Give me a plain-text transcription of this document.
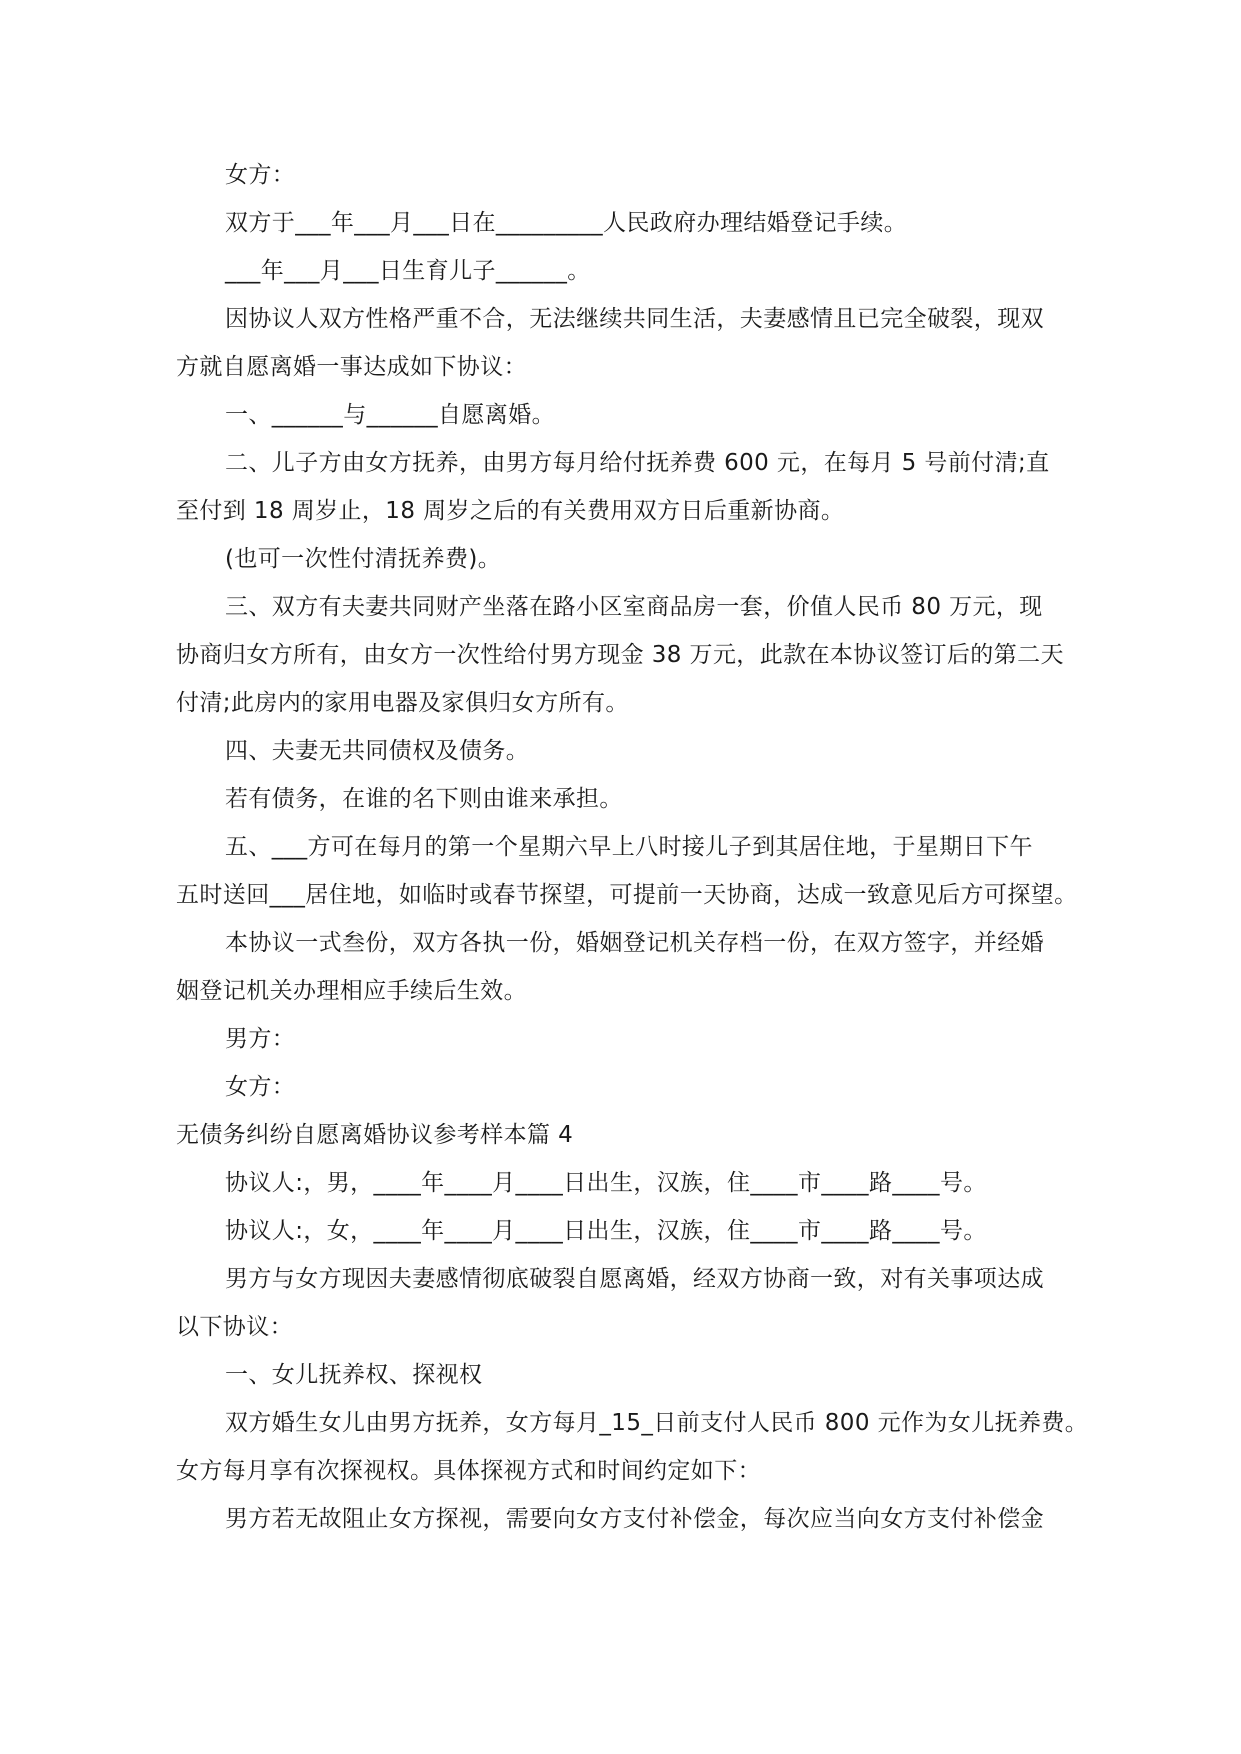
女方：

双方于___年___月___日在_________人民政府办理结婚登记手续。

___年___月___日生育儿子______。

因协议人双方性格严重不合，无法继续共同生活，夫妻感情且已完全破裂，现双

方就自愿离婚一事达成如下协议：

一、______与______自愿离婚。

二、儿子方由女方抚养，由男方每月给付抚养费 600 元，在每月 5 号前付清;直

至付到 18 周岁止，18 周岁之后的有关费用双方日后重新协商。

(也可一次性付清抚养费)。

三、双方有夫妻共同财产坐落在路小区室商品房一套，价值人民币 80 万元，现

协商归女方所有，由女方一次性给付男方现金 38 万元，此款在本协议签订后的第二天

付清;此房内的家用电器及家俱归女方所有。

四、夫妻无共同债权及债务。

若有债务，在谁的名下则由谁来承担。

五、___方可在每月的第一个星期六早上八时接儿子到其居住地，于星期日下午

五时送回___居住地，如临时或春节探望，可提前一天协商，达成一致意见后方可探望。

本协议一式叁份，双方各执一份，婚姻登记机关存档一份，在双方签字，并经婚

姻登记机关办理相应手续后生效。

男方：

女方：

无债务纠纷自愿离婚协议参考样本篇 4

协议人:，男，____年____月____日出生，汉族，住____市____路____号。

协议人:，女，____年____月____日出生，汉族，住____市____路____号。

男方与女方现因夫妻感情彻底破裂自愿离婚，经双方协商一致，对有关事项达成

以下协议：

一、女儿抚养权、探视权

双方婚生女儿由男方抚养，女方每月_15_日前支付人民币 800 元作为女儿抚养费。

女方每月享有次探视权。具体探视方式和时间约定如下：

男方若无故阻止女方探视，需要向女方支付补偿金，每次应当向女方支付补偿金
